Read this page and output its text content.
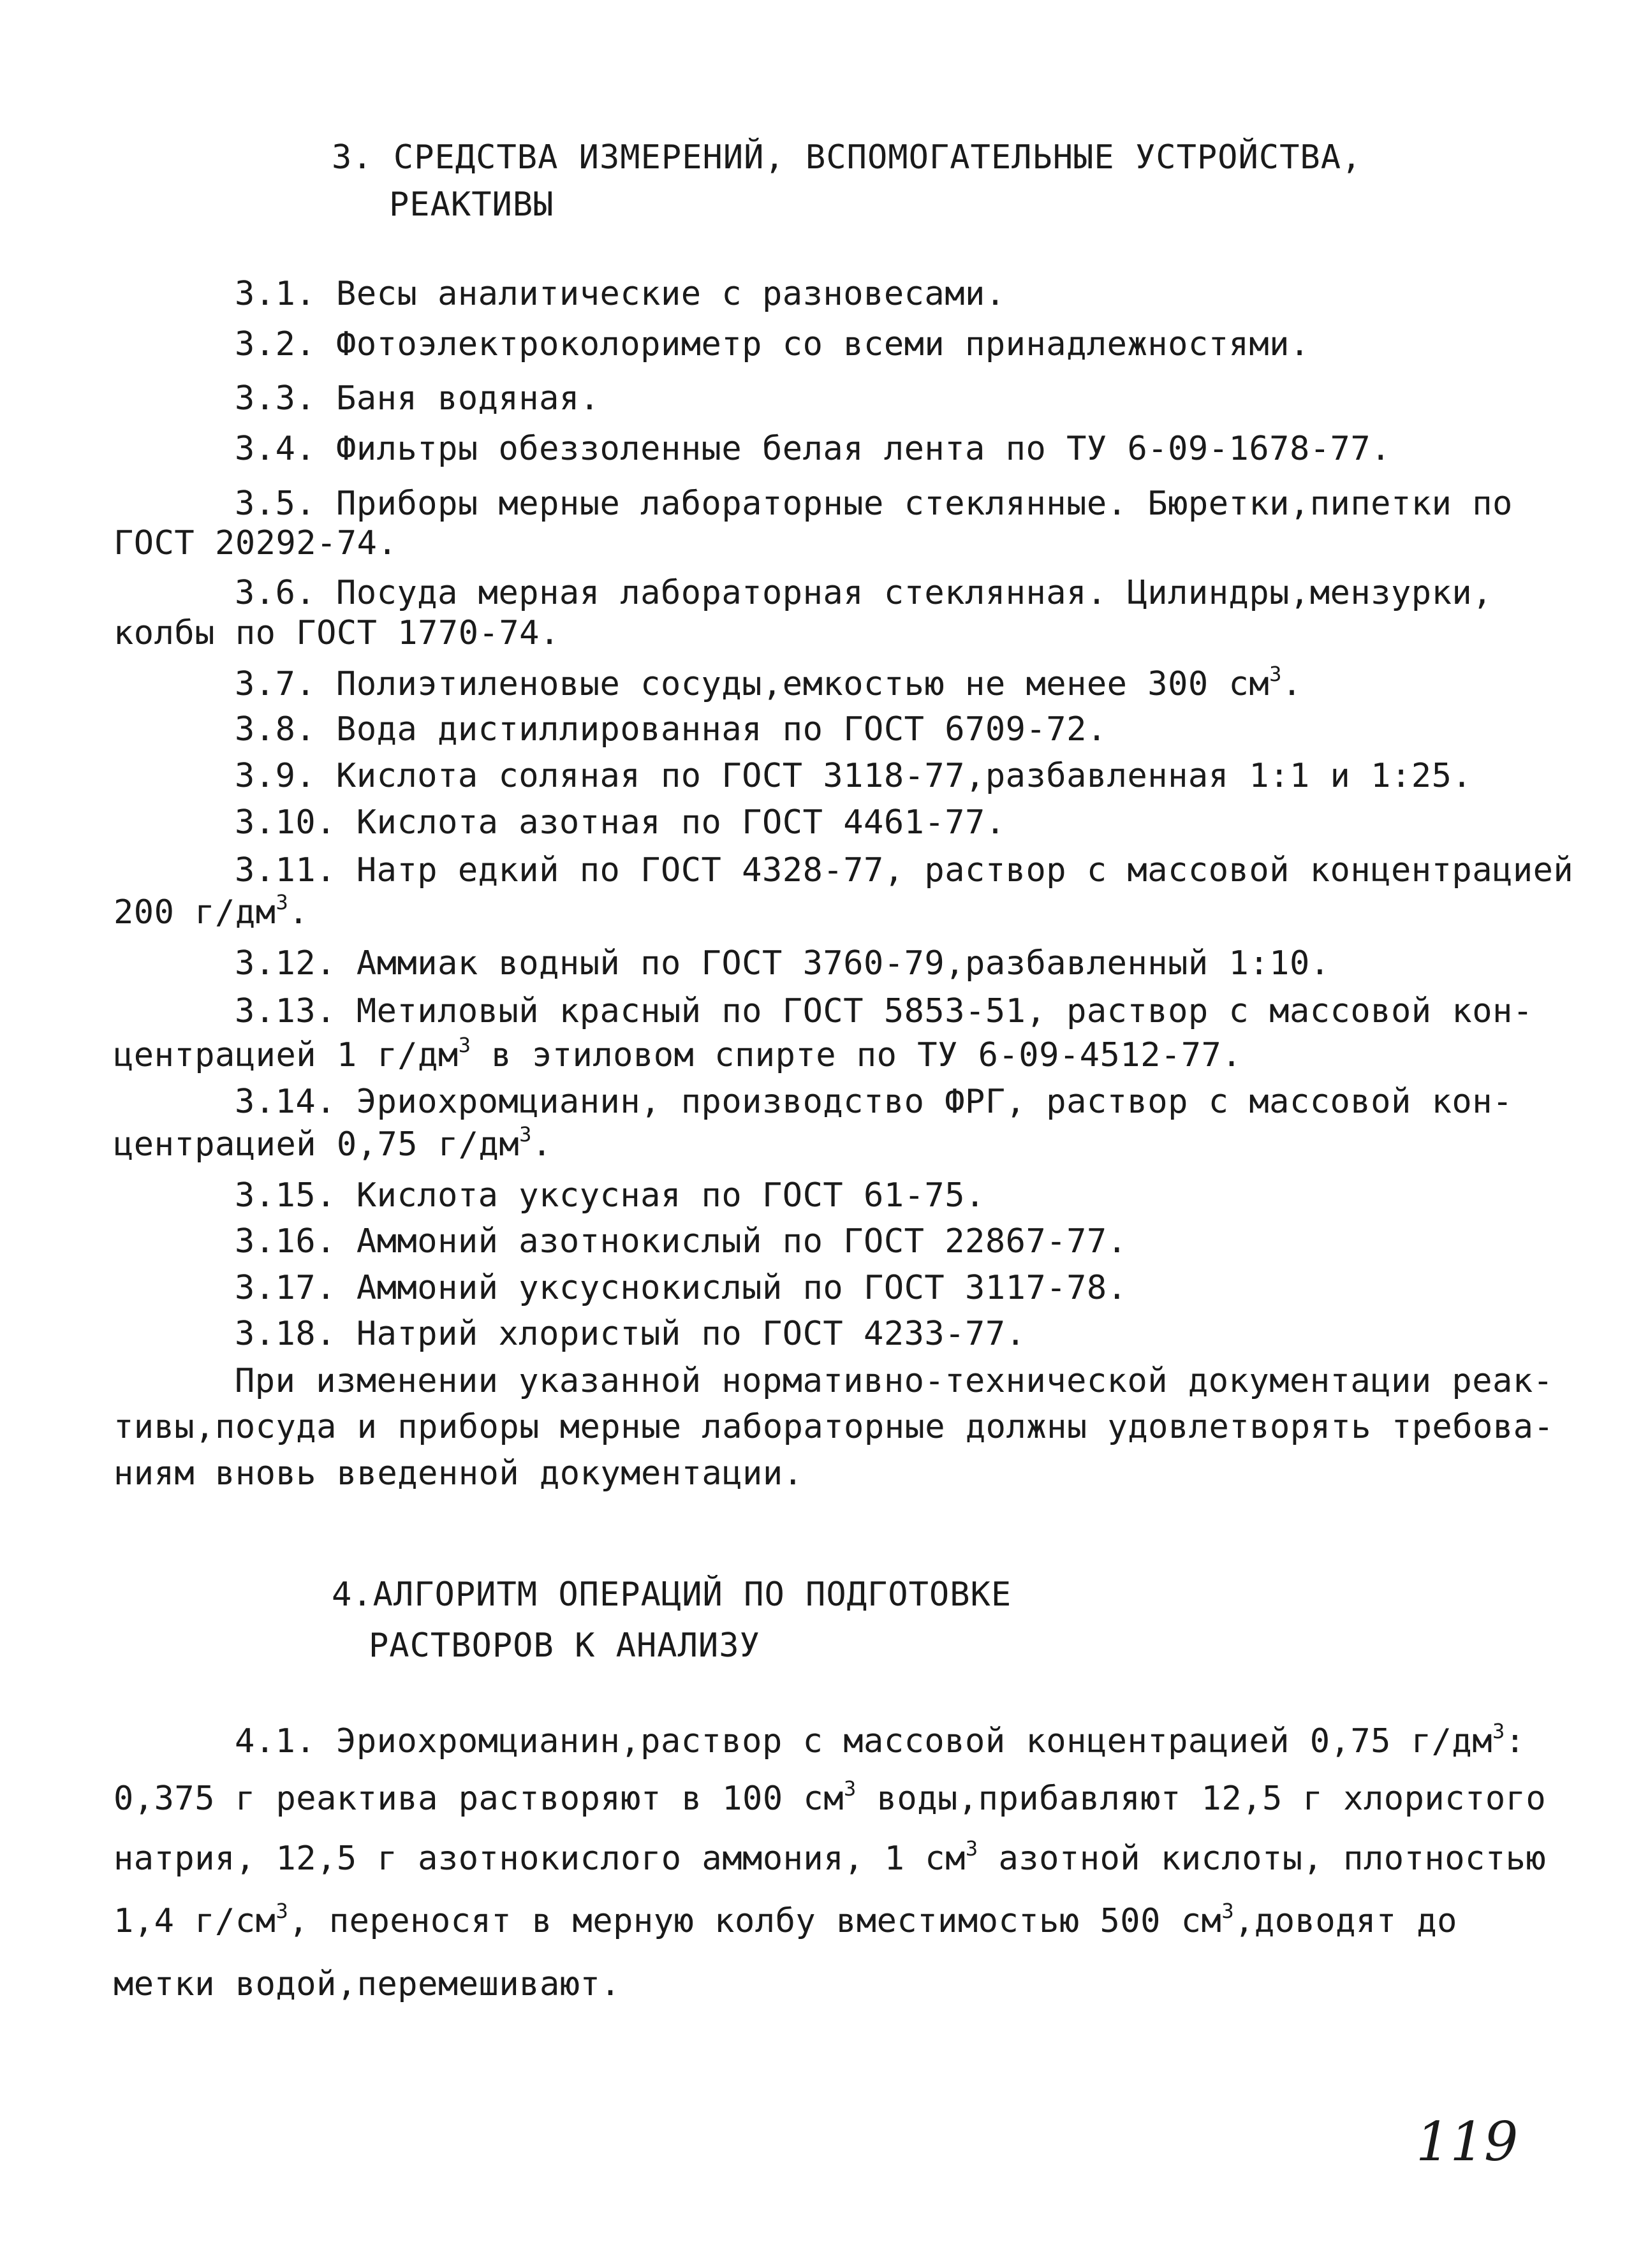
3. СРЕДСТВА ИЗМЕРЕНИЙ, ВСПОМОГАТЕЛЬНЫЕ УСТРОЙСТВА,
РЕАКТИВЫ
3.1. Весы аналитические с разновесами.
3.2. Фотоэлектроколориметр со всеми принадлежностями.
3.3. Баня водяная.
3.4. Фильтры обеззоленные белая лента по ТУ 6-09-1678-77.
3.5. Приборы мерные лабораторные стеклянные. Бюретки,пипетки по
ГОСТ 20292-74.
3.6. Посуда мерная лабораторная стеклянная. Цилиндры,мензурки,
колбы по ГОСТ 1770-74.
3.7. Полиэтиленовые сосуды,емкостью не менее 300 $см^3$.
3.8. Вода дистиллированная по ГОСТ 6709-72.
3.9. Кислота соляная по ГОСТ 3118-77,разбавленная 1:1 и 1:25.
3.10. Кислота азотная по ГОСТ 4461-77.
3.11. Натр едкий по ГОСТ 4328-77, раствор с массовой концентрацией
200 $г/дм^3$.
3.12. Аммиак водный по ГОСТ 3760-79,разбавленный 1:10.
3.13. Метиловый красный по ГОСТ 5853-51, раствор с массовой кон-
центрацией 1 $г/дм^3$ в этиловом спирте по ТУ 6-09-4512-77.
3.14. Эриохромцианин, производство ФРГ, раствор с массовой кон-
центрацией 0,75 $г/дм^3$.
3.15. Кислота уксусная по ГОСТ 61-75.
3.16. Аммоний азотнокислый по ГОСТ 22867-77.
3.17. Аммоний уксуснокислый по ГОСТ 3117-78.
3.18. Натрий хлористый по ГОСТ 4233-77.
При изменении указанной нормативно-технической документации реак-
тивы,посуда и приборы мерные лабораторные должны удовлетворять требова-
ниям вновь введенной документации.
4.АЛГОРИТМ ОПЕРАЦИЙ ПО ПОДГОТОВКЕ
РАСТВОРОВ К АНАЛИЗУ
4.1. Эриохромцианин,раствор с массовой концентрацией 0,75 $г/дм^3$:
0,375 г реактива растворяют в 100 $см^3$ воды,прибавляют 12,5 г хлористого
натрия, 12,5 г азотнокислого аммония, 1 $см^3$ азотной кислоты, плотностью
1,4 $г/см^3$, переносят в мерную колбу вместимостью 500 $см^3,доводят$ до
метки водой,перемешивают.
119
